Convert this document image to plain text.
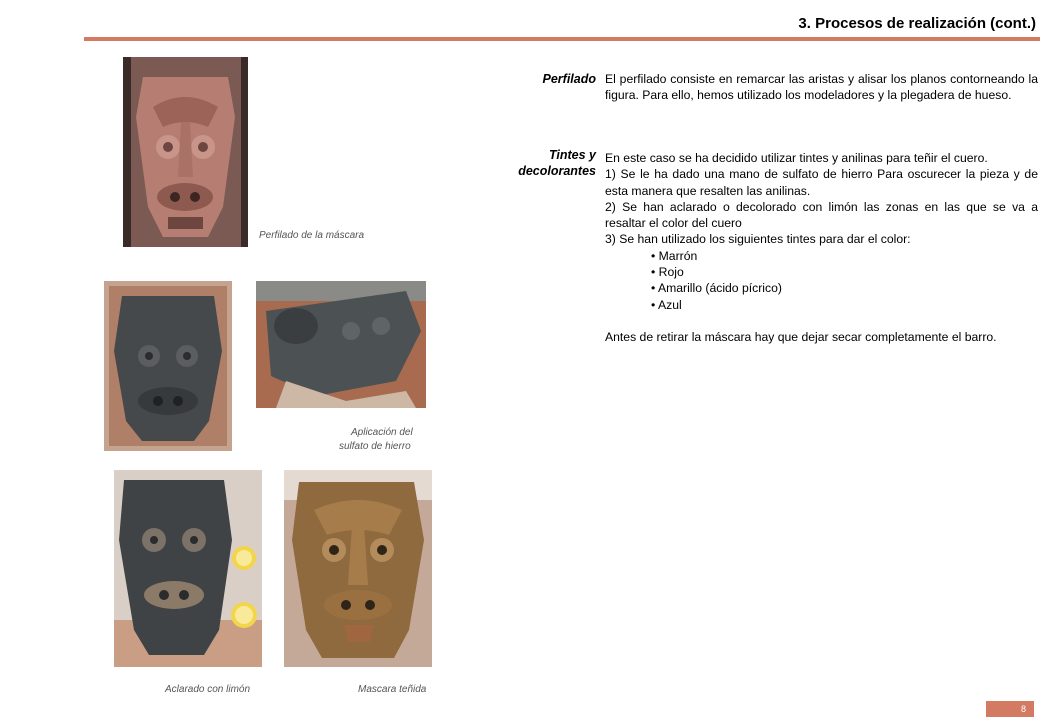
3. Procesos de realización (cont.)
Perfilado de la máscara
Aplicación del
sulfato de hierro
Aclarado con limón	Mascara teñida
Perfilado
Tintes y
decolorantes

El perfilado consiste en remarcar las aristas y alisar los planos contorneando la figura. Para ello, hemos utilizado los modeladores y la plegadera de hueso.

En este caso se ha decidido utilizar tintes y anilinas para teñir el cuero.

1) Se le ha dado una mano de sulfato de hierro Para oscurecer la pieza y de esta manera que resalten las anilinas.

2) Se han aclarado o decolorado con limón las zonas en las que se va a resaltar el color del cuero

3) Se han utilizado los siguientes tintes para dar el color:

• Marrón

• Rojo

• Amarillo (ácido pícrico)

• Azul

Antes de retirar la máscara hay que dejar secar completamente el barro.

8
